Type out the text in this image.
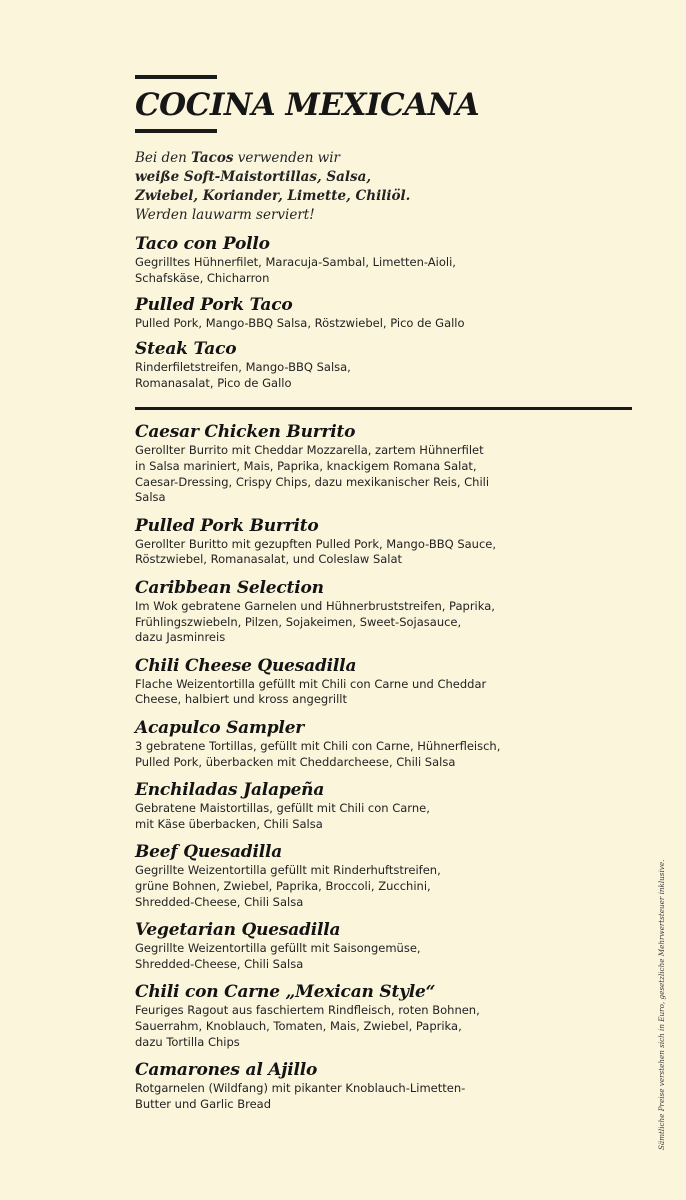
COCINA MEXICANA

Bei den Tacos verwenden wir
weiße Soft-Maistortillas, Salsa,
Zwiebel, Koriander, Limette, Chiliöl.
Werden lauwarm serviert!

Taco con Pollo

Gegrilltes Hühnerfilet, Maracuja-Sambal, Limetten-Aioli,
Schafskäse, Chicharron

Pulled Pork Taco

Pulled Pork, Mango-BBQ Salsa, Röstzwiebel, Pico de Gallo

Steak Taco

Rinderfiletstreifen, Mango-BBQ Salsa,
Romanasalat, Pico de Gallo

Caesar Chicken Burrito

Gerollter Burrito mit Cheddar Mozzarella, zartem Hühnerfilet
in Salsa mariniert, Mais, Paprika, knackigem Romana Salat,
Caesar-Dressing, Crispy Chips, dazu mexikanischer Reis, Chili
Salsa

Pulled Pork Burrito

Gerollter Buritto mit gezupften Pulled Pork, Mango-BBQ Sauce,
Röstzwiebel, Romanasalat, und Coleslaw Salat

Caribbean Selection

Im Wok gebratene Garnelen und Hühnerbruststreifen, Paprika,
Frühlingszwiebeln, Pilzen, Sojakeimen, Sweet-Sojasauce,
dazu Jasminreis

Chili Cheese Quesadilla

Flache Weizentortilla gefüllt mit Chili con Carne und Cheddar
Cheese, halbiert und kross angegrillt

Acapulco Sampler

3 gebratene Tortillas, gefüllt mit Chili con Carne, Hühnerfleisch,
Pulled Pork, überbacken mit Cheddarcheese, Chili Salsa

Enchiladas Jalapeña

Gebratene Maistortillas, gefüllt mit Chili con Carne,
mit Käse überbacken, Chili Salsa

Beef Quesadilla

Gegrillte Weizentortilla gefüllt mit Rinderhuftstreifen,
grüne Bohnen, Zwiebel, Paprika, Broccoli, Zucchini,
Shredded-Cheese, Chili Salsa

Vegetarian Quesadilla

Gegrillte Weizentortilla gefüllt mit Saisongemüse,
Shredded-Cheese, Chili Salsa

Chili con Carne „Mexican Style“

Feuriges Ragout aus faschiertem Rindfleisch, roten Bohnen,
Sauerrahm, Knoblauch, Tomaten, Mais, Zwiebel, Paprika,
dazu Tortilla Chips

Camarones al Ajillo

Rotgarnelen (Wildfang) mit pikanter Knoblauch-Limetten-
Butter und Garlic Bread	Sämtliche Preise verstehen sich in Euro, gesetzliche Mehrwertsteuer inklusive.
